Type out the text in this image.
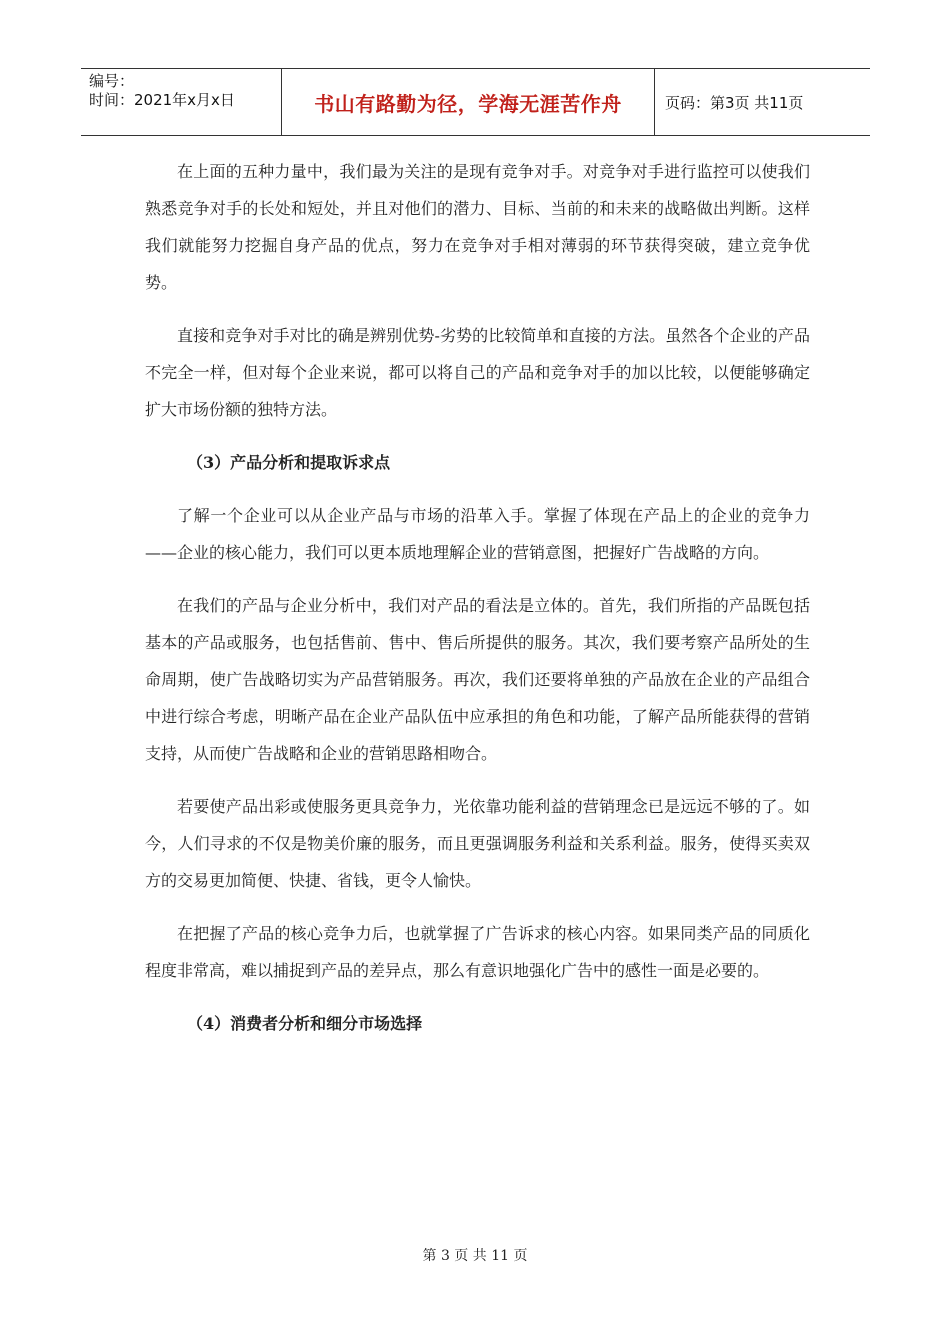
编号：
时间：2021年x月x日	书山有路勤为径，学海无涯苦作舟	页码：第3页 共11页

在上面的五种力量中，我们最为关注的是现有竞争对手。对竞争对手进行监控可以使我们熟悉竞争对手的长处和短处，并且对他们的潜力、目标、当前的和未来的战略做出判断。这样我们就能努力挖掘自身产品的优点，努力在竞争对手相对薄弱的环节获得突破，建立竞争优势。

直接和竞争对手对比的确是辨别优势-劣势的比较简单和直接的方法。虽然各个企业的产品不完全一样，但对每个企业来说，都可以将自己的产品和竞争对手的加以比较，以便能够确定扩大市场份额的独特方法。

（3）产品分析和提取诉求点

了解一个企业可以从企业产品与市场的沿革入手。掌握了体现在产品上的企业的竞争力——企业的核心能力，我们可以更本质地理解企业的营销意图，把握好广告战略的方向。

在我们的产品与企业分析中，我们对产品的看法是立体的。首先，我们所指的产品既包括基本的产品或服务，也包括售前、售中、售后所提供的服务。其次，我们要考察产品所处的生命周期，使广告战略切实为产品营销服务。再次，我们还要将单独的产品放在企业的产品组合中进行综合考虑，明晰产品在企业产品队伍中应承担的角色和功能，了解产品所能获得的营销支持，从而使广告战略和企业的营销思路相吻合。

若要使产品出彩或使服务更具竞争力，光依靠功能利益的营销理念已是远远不够的了。如今，人们寻求的不仅是物美价廉的服务，而且更强调服务利益和关系利益。服务，使得买卖双方的交易更加简便、快捷、省钱，更令人愉快。

在把握了产品的核心竞争力后，也就掌握了广告诉求的核心内容。如果同类产品的同质化程度非常高，难以捕捉到产品的差异点，那么有意识地强化广告中的感性一面是必要的。

（4）消费者分析和细分市场选择

第 3 页 共 11 页
